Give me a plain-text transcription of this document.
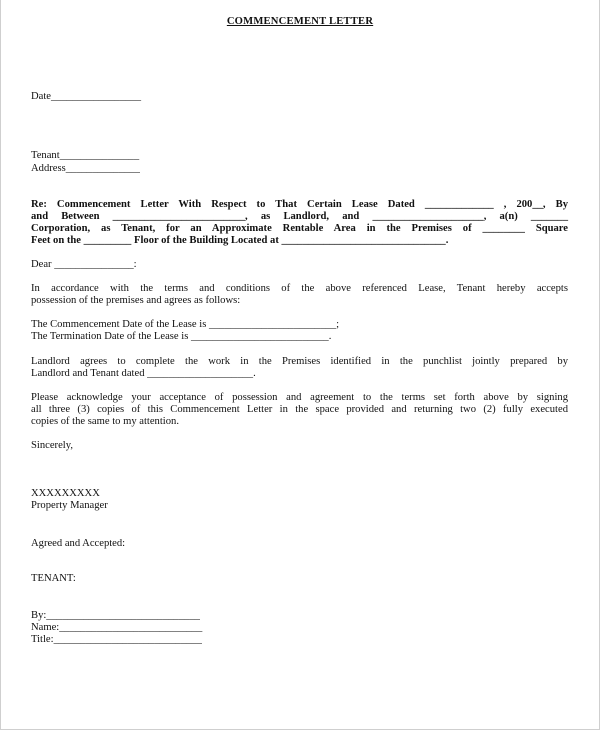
COMMENCEMENT LETTER
Date_________________
Tenant_______________
Address______________
Re: Commencement Letter With Respect to That Certain Lease Dated _____________ , 200__, By
and Between _________________________, as Landlord, and _____________________, a(n) _______
Corporation, as Tenant, for an Approximate Rentable Area in the Premises of ________ Square
Feet on the _________ Floor of the Building Located at _______________________________.
Dear _______________:
In accordance with the terms and conditions of the above referenced Lease, Tenant hereby accepts
possession of the premises and agrees as follows:
The Commencement Date of the Lease is ________________________;
The Termination Date of the Lease is __________________________.
Landlord agrees to complete the work in the Premises identified in the punchlist jointly prepared by
Landlord and Tenant dated ____________________.
Please acknowledge your acceptance of possession and agreement to the terms set forth above by signing
all three (3) copies of this Commencement Letter in the space provided and returning two (2) fully executed
copies of the same to my attention.
Sincerely,
XXXXXXXXX
Property Manager
Agreed and Accepted:
TENANT:
By:_____________________________
Name:___________________________
Title:____________________________
